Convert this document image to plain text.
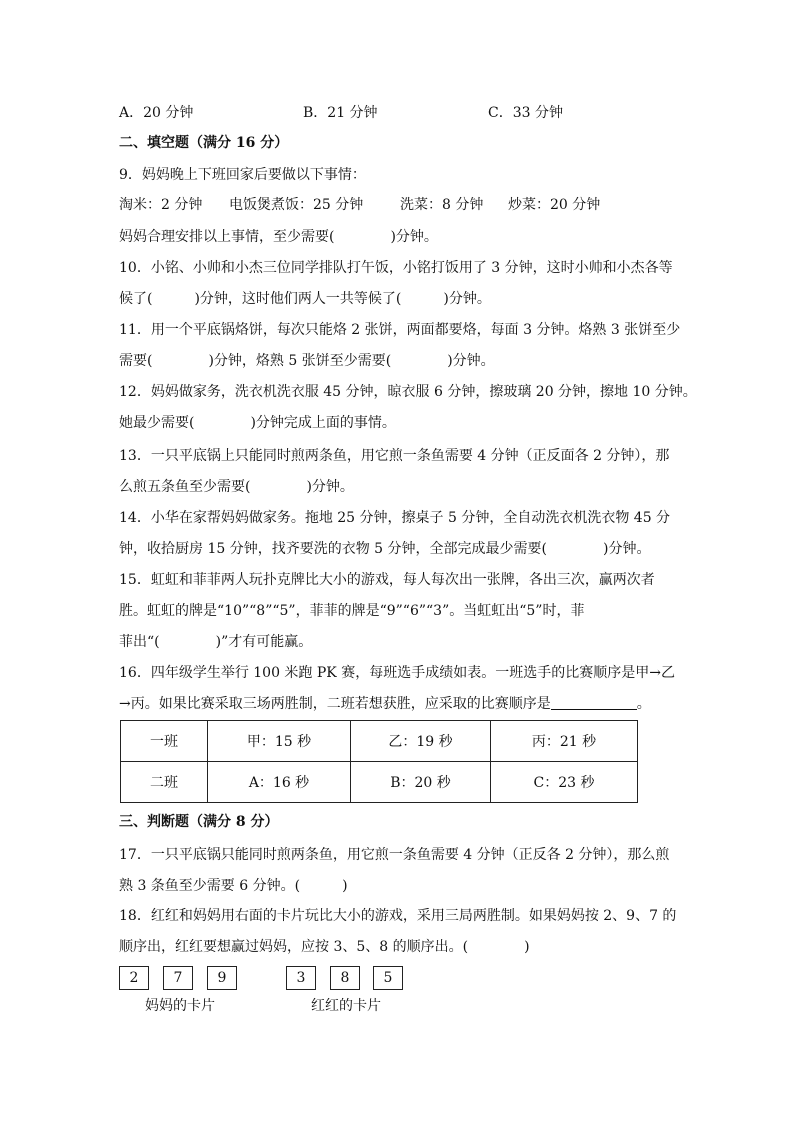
A．20 分钟	B．21 分钟	C．33 分钟
二、填空题（满分 16 分）
9．妈妈晚上下班回家后要做以下事情：
淘米：2 分钟 电饭煲煮饭：25 分钟	洗菜：8 分钟 炒菜：20 分钟
妈妈合理安排以上事情，至少需要(　　　　)分钟。
10．小铭、小帅和小杰三位同学排队打午饭，小铭打饭用了 3 分钟，这时小帅和小杰各等
候了(　　　)分钟，这时他们两人一共等候了(　　　)分钟。
11．用一个平底锅烙饼，每次只能烙 2 张饼，两面都要烙，每面 3 分钟。烙熟 3 张饼至少
需要(　　　　)分钟，烙熟 5 张饼至少需要(　　　　)分钟。
12．妈妈做家务，洗衣机洗衣服 45 分钟，晾衣服 6 分钟，擦玻璃 20 分钟，擦地 10 分钟。
她最少需要(　　　　)分钟完成上面的事情。
13．一只平底锅上只能同时煎两条鱼，用它煎一条鱼需要 4 分钟（正反面各 2 分钟），那
么煎五条鱼至少需要(　　　　)分钟。
14．小华在家帮妈妈做家务。拖地 25 分钟，擦桌子 5 分钟，全自动洗衣机洗衣物 45 分
钟，收拾厨房 15 分钟，找齐要洗的衣物 5 分钟，全部完成最少需要(　　　　)分钟。
15．虹虹和菲菲两人玩扑克牌比大小的游戏，每人每次出一张牌，各出三次，赢两次者
胜。虹虹的牌是“10”“8”“5”，菲菲的牌是“9”“6”“3”。当虹虹出“5”时，菲
菲出“(　　　　)”才有可能赢。
16．四年级学生举行 100 米跑 PK 赛，每班选手成绩如表。一班选手的比赛顺序是甲→乙
→丙。如果比赛采取三场两胜制，二班若想获胜，应采取的比赛顺序是	。
一班	甲：15 秒	乙：19 秒	丙：21 秒
二班	A：16 秒	B：20 秒	C：23 秒
三、判断题（满分 8 分）
17．一只平底锅只能同时煎两条鱼，用它煎一条鱼需要 4 分钟（正反各 2 分钟），那么煎
熟 3 条鱼至少需要 6 分钟。(　　　)
18．红红和妈妈用右面的卡片玩比大小的游戏，采用三局两胜制。如果妈妈按 2、9、7 的
顺序出，红红要想赢过妈妈，应按 3、5、8 的顺序出。(　　　　)
2	7	9	3	8	5
妈妈的卡片	红红的卡片
